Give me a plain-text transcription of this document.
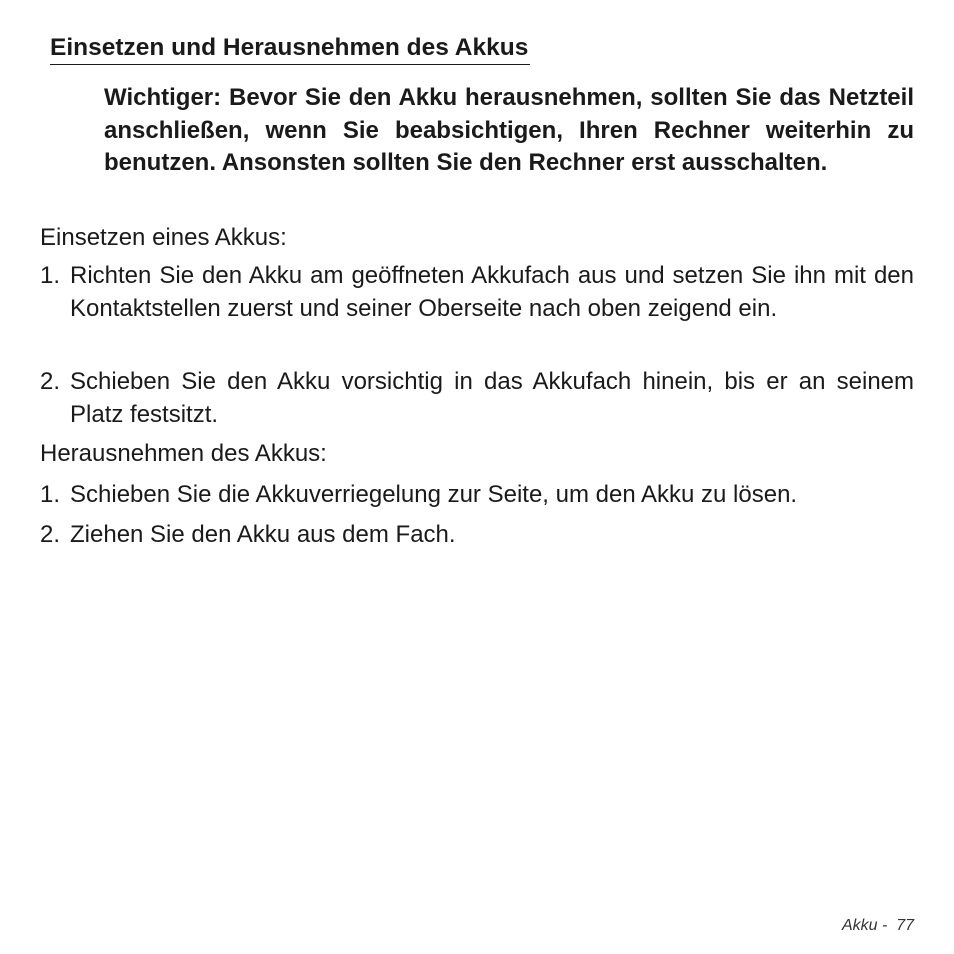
Einsetzen und Herausnehmen des Akkus
Wichtiger: Bevor Sie den Akku herausnehmen, sollten Sie das Netzteil anschließen, wenn Sie beabsichtigen, Ihren Rechner weiterhin zu benutzen. Ansonsten sollten Sie den Rechner erst ausschalten.
Einsetzen eines Akkus:
1. Richten Sie den Akku am geöffneten Akkufach aus und setzen Sie ihn mit den Kontaktstellen zuerst und seiner Oberseite nach oben zeigend ein.
2. Schieben Sie den Akku vorsichtig in das Akkufach hinein, bis er an seinem Platz festsitzt.
Herausnehmen des Akkus:
1. Schieben Sie die Akkuverriegelung zur Seite, um den Akku zu lösen.
2. Ziehen Sie den Akku aus dem Fach.
Akku - 77
